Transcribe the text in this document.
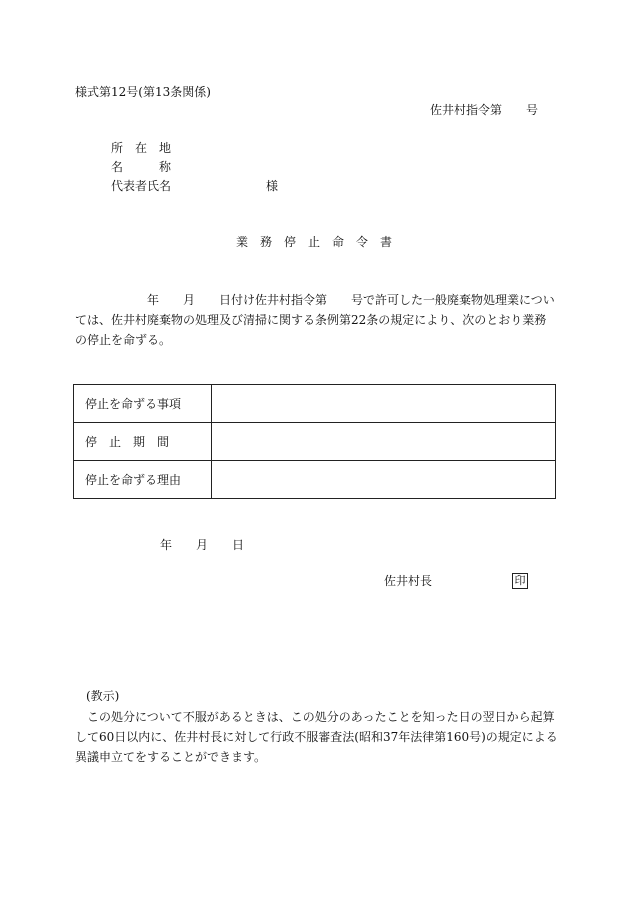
様式第12号(第13条関係)
佐井村指令第　　号
所　在　地
名　　　称
代表者氏名	様
業　務　停　止　命　令　書
　　　　　　年　　月　　日付け佐井村指令第　　号で許可した一般廃棄物処理業については、佐井村廃棄物の処理及び清掃に関する条例第22条の規定により、次のとおり業務の停止を命ずる。
停止を命ずる事項	
停　止　期　間	
停止を命ずる理由	
年　　月　　日
佐井村長	印
(教示)
　この処分について不服があるときは、この処分のあったことを知った日の翌日から起算して60日以内に、佐井村長に対して行政不服審査法(昭和37年法律第160号)の規定による異議申立てをすることができます。
